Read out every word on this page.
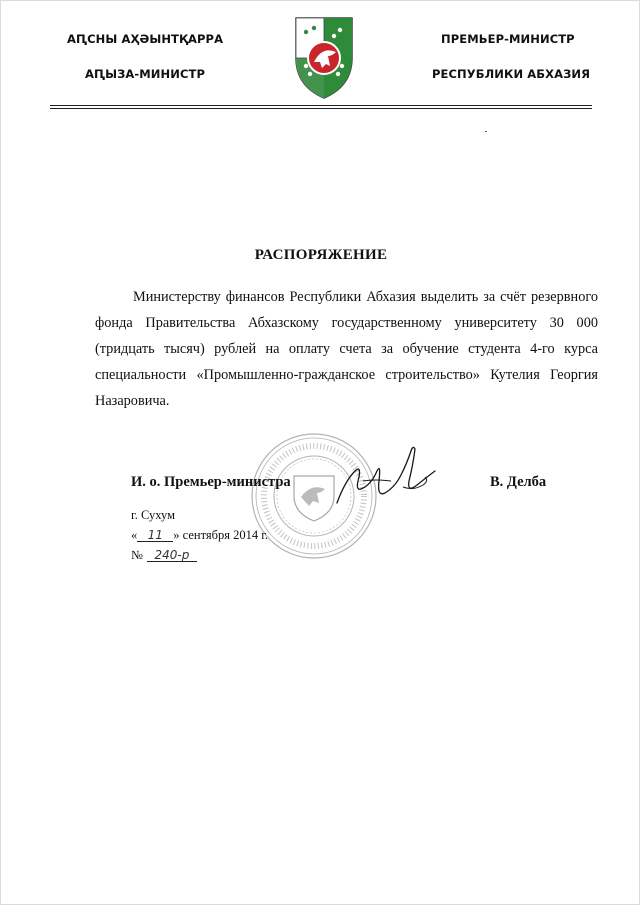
АԤСНЫ АҲӘЫНТҚАРРА
АԤЫЗА-МИНИСТР
ПРЕМЬЕР-МИНИСТР
РЕСПУБЛИКИ АБХАЗИЯ
РАСПОРЯЖЕНИЕ

Министерству финансов Республики Абхазия выделить за счёт резервного фонда Правительства Абхазскому государственному университету 30 000 (тридцать тысяч) рублей на оплату счета за обучение студента 4-го курса специальности «Промышленно-гражданское строительство» Кутелия Георгия Назаровича.

И. о. Премьер-министра	В. Делба
г. Сухум
« 11 » сентября 2014 г.
№ 240-р
